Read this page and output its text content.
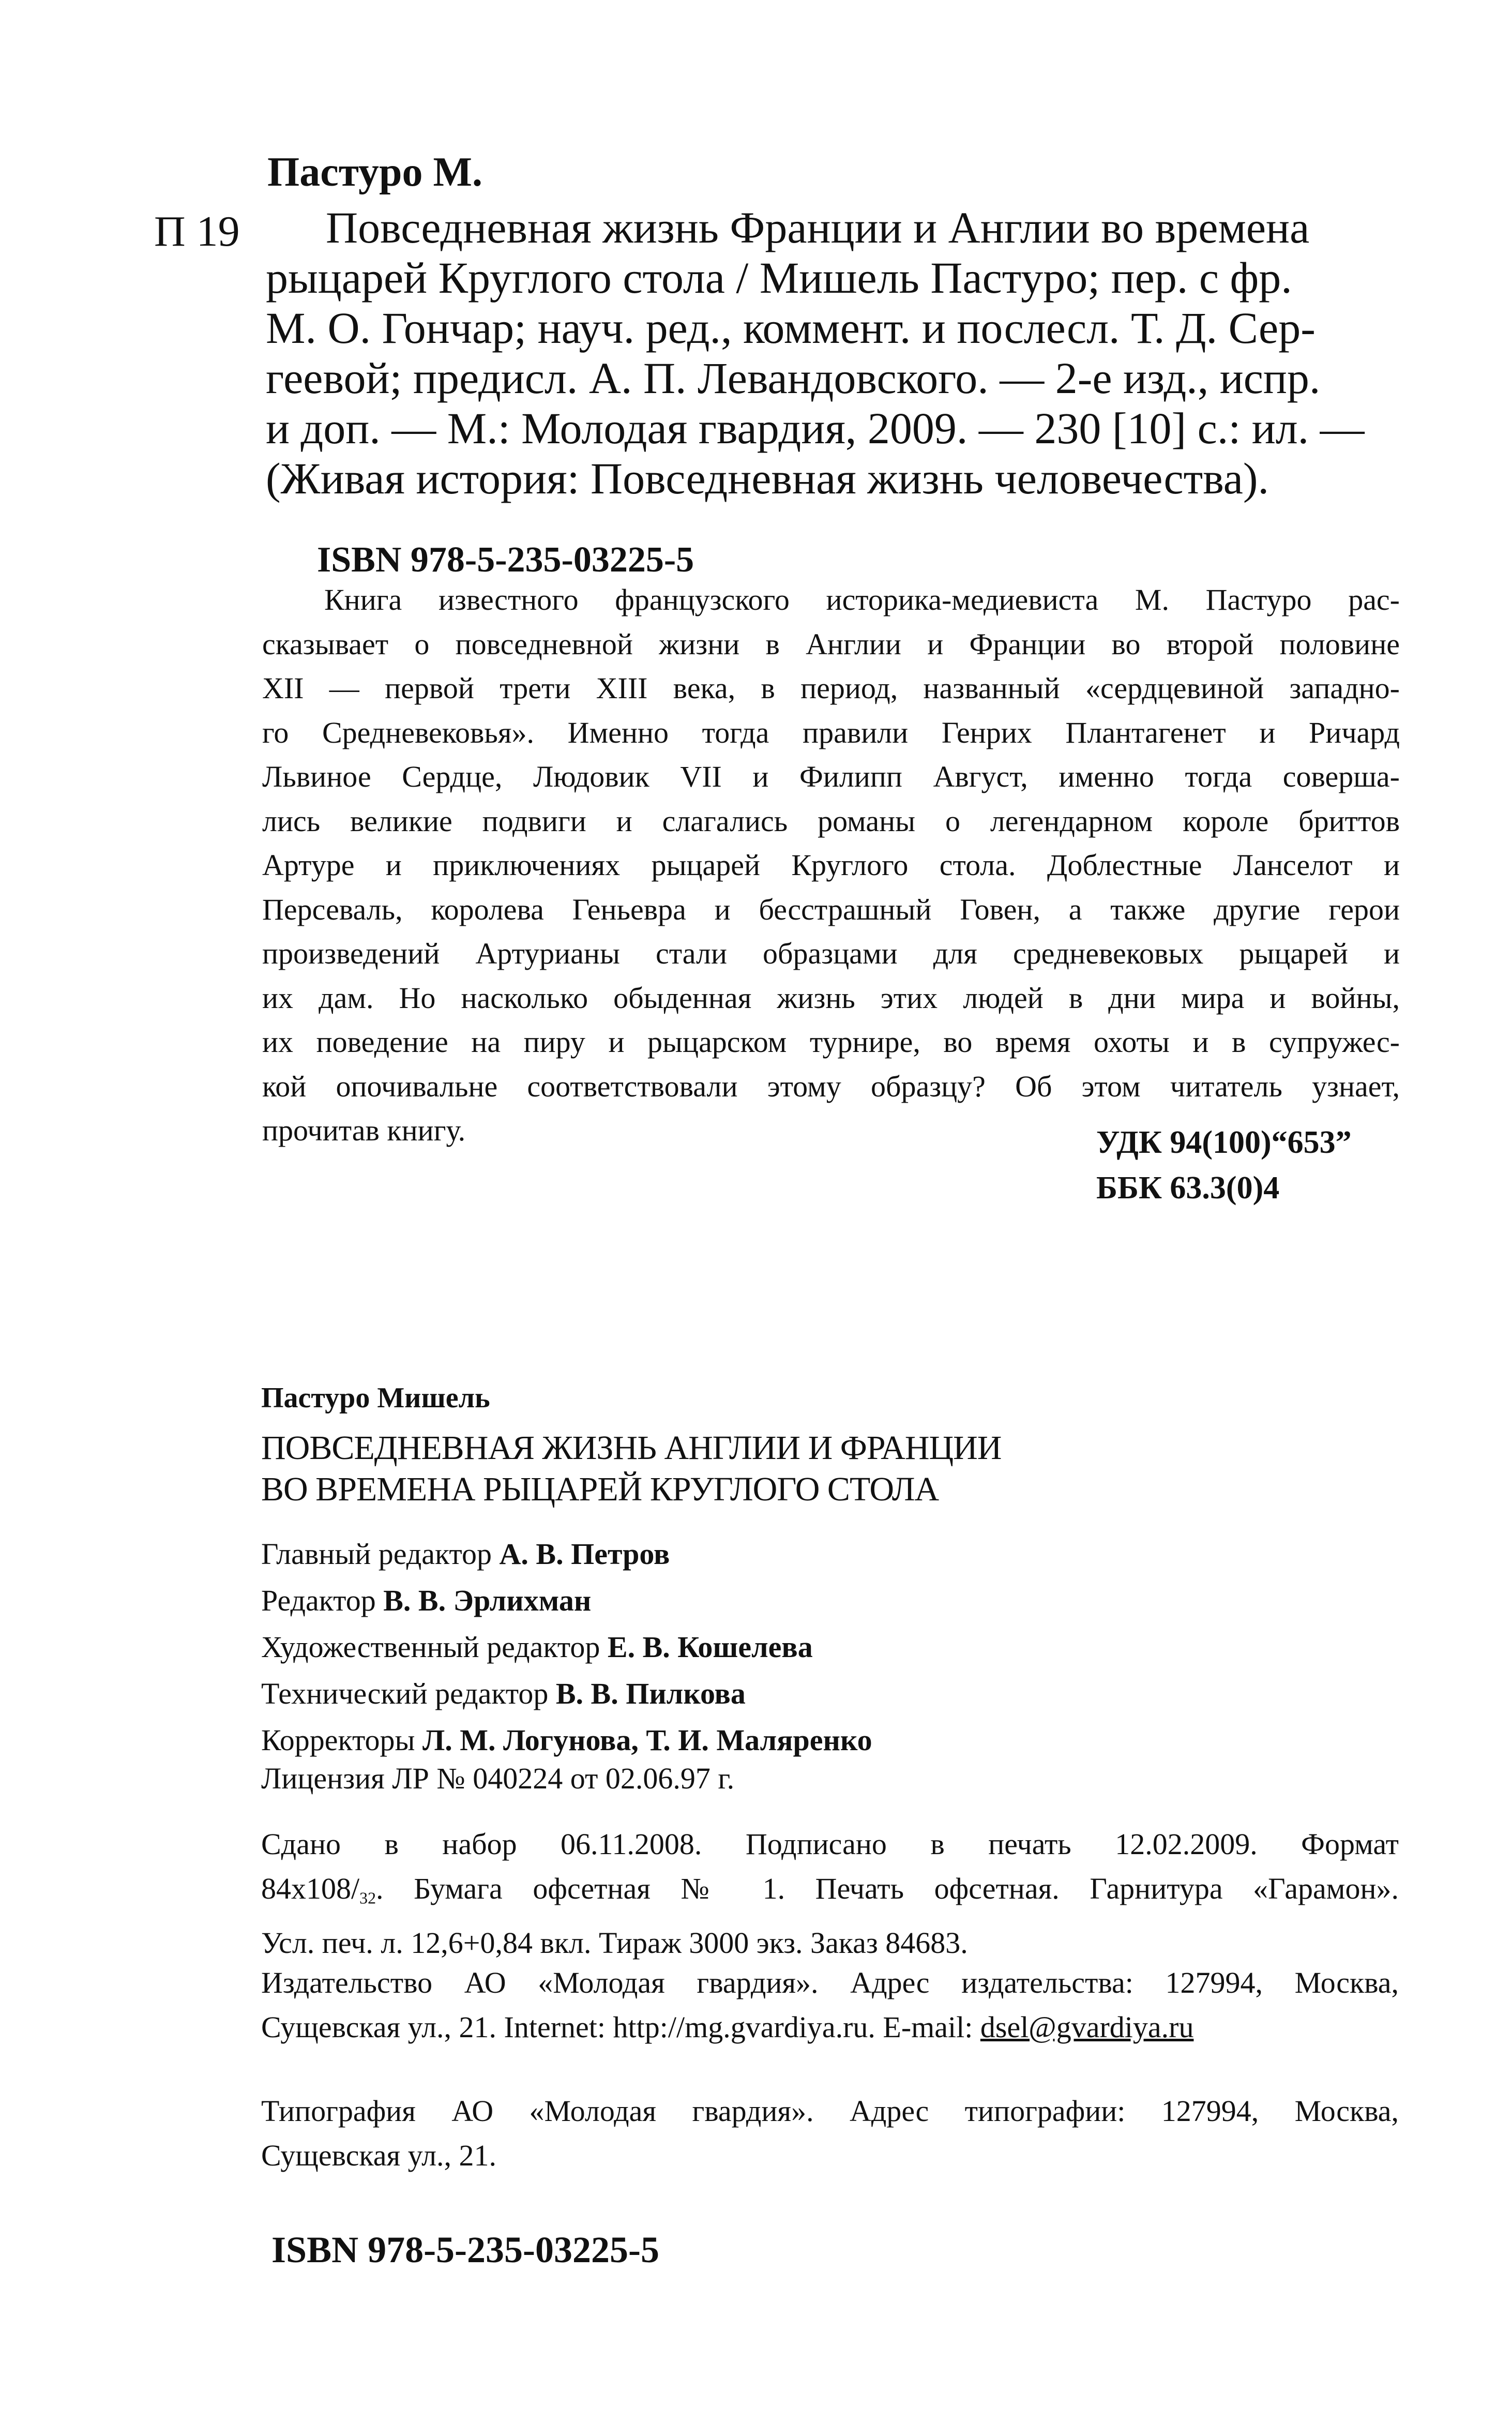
Пастуро М.
П 19	Повседневная жизнь Франции и Англии во времена
рыцарей Круглого стола / Мишель Пастуро; пер. с фр.
М. О. Гончар; науч. ред., коммент. и послесл. Т. Д. Сер-
геевой; предисл. А. П. Левандовского. — 2-е изд., испр.
и доп. — М.: Молодая гвардия, 2009. — 230 [10] с.: ил. —
(Живая история: Повседневная жизнь человечества).
ISBN 978-5-235-03225-5
Книга известного французского историка-медиевиста М. Пастуро рас-
сказывает о повседневной жизни в Англии и Франции во второй половине
XII — первой трети XIII века, в период, названный «сердцевиной западно-
го Средневековья». Именно тогда правили Генрих Плантагенет и Ричард
Львиное Сердце, Людовик VII и Филипп Август, именно тогда соверша-
лись великие подвиги и слагались романы о легендарном короле бриттов
Артуре и приключениях рыцарей Круглого стола. Доблестные Ланселот и
Персеваль, королева Геньевра и бесстрашный Говен, а также другие герои
произведений Артурианы стали образцами для средневековых рыцарей и
их дам. Но насколько обыденная жизнь этих людей в дни мира и войны,
их поведение на пиру и рыцарском турнире, во время охоты и в супружес-
кой опочивальне соответствовали этому образцу? Об этом читатель узнает,
прочитав книгу.	УДК 94(100)“653”
ББК 63.3(0)4
Пастуро Мишель
ПОВСЕДНЕВНАЯ ЖИЗНЬ АНГЛИИ И ФРАНЦИИ
ВО ВРЕМЕНА РЫЦАРЕЙ КРУГЛОГО СТОЛА
Главный редактор А. В. Петров
Редактор В. В. Эрлихман
Художественный редактор Е. В. Кошелева
Технический редактор В. В. Пилкова
Корректоры Л. М. Логунова, Т. И. Маляренко
Лицензия ЛР № 040224 от 02.06.97 г.
Сдано в набор 06.11.2008. Подписано в печать 12.02.2009. Формат
$84х108/_{32}$. Бумага офсетная № 1. Печать офсетная. Гарнитура «Гарамон».
Усл. печ. л. 12,6+0,84 вкл. Тираж 3000 экз. Заказ 84683.
Издательство АО «Молодая гвардия». Адрес издательства: 127994, Москва,
Сущевская ул., 21. Internet: http://mg.gvardiya.ru. E-mail: dsel@gvardiya.ru
Типография АО «Молодая гвардия». Адрес типографии: 127994, Москва,
Сущевская ул., 21.
ISBN 978-5-235-03225-5
